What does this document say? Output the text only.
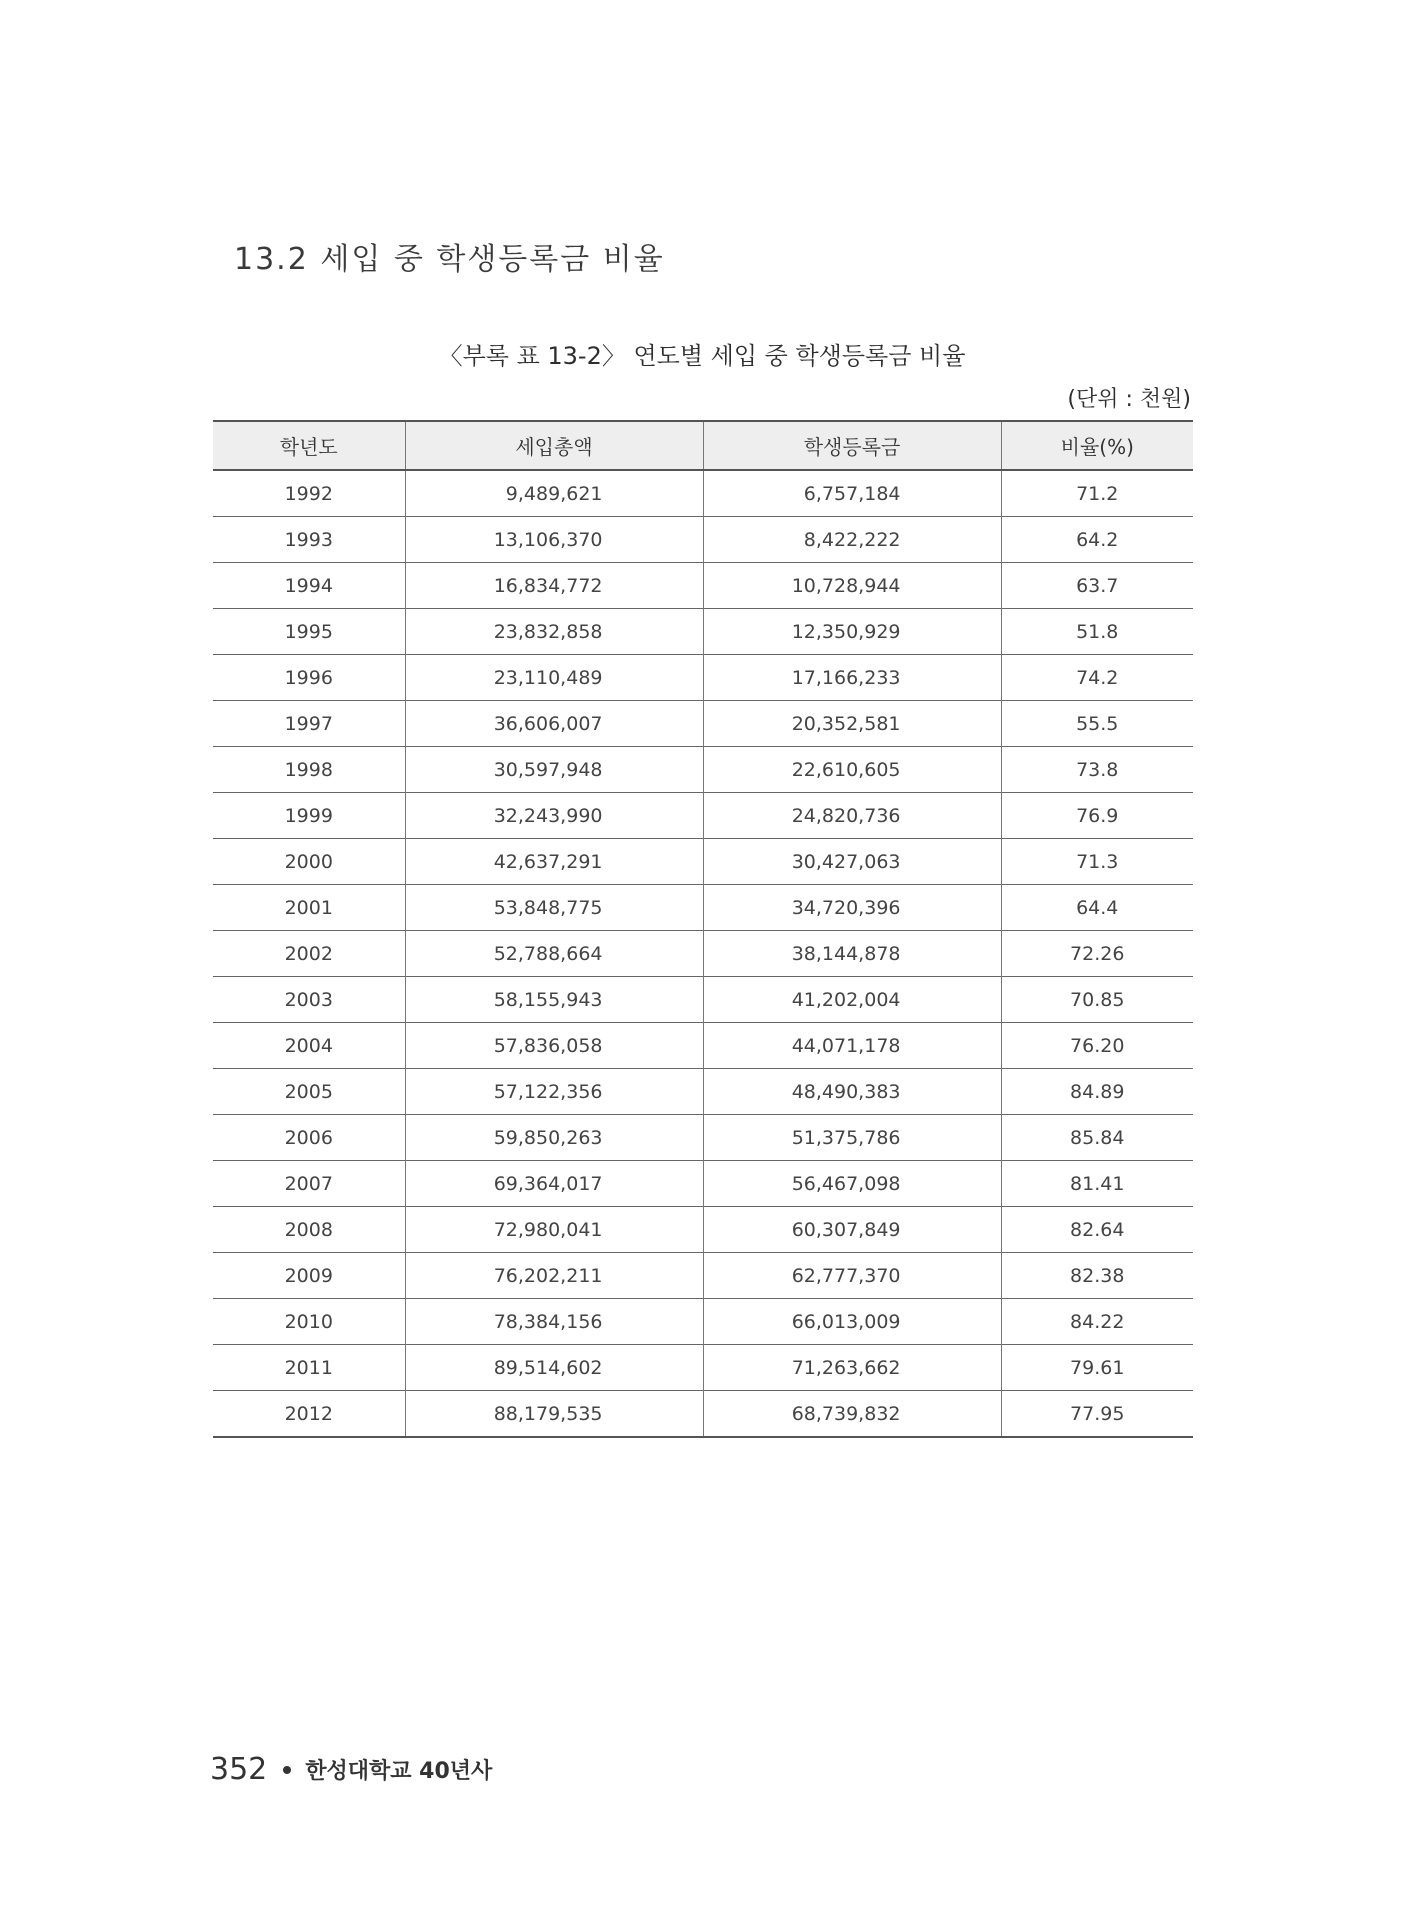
13.2 세입 중 학생등록금 비율
〈부록 표 13-2〉 연도별 세입 중 학생등록금 비율
(단위 : 천원)
학년도	세입총액	학생등록금	비율(%)
1992	9,489,621	6,757,184	71.2
1993	13,106,370	8,422,222	64.2
1994	16,834,772	10,728,944	63.7
1995	23,832,858	12,350,929	51.8
1996	23,110,489	17,166,233	74.2
1997	36,606,007	20,352,581	55.5
1998	30,597,948	22,610,605	73.8
1999	32,243,990	24,820,736	76.9
2000	42,637,291	30,427,063	71.3
2001	53,848,775	34,720,396	64.4
2002	52,788,664	38,144,878	72.26
2003	58,155,943	41,202,004	70.85
2004	57,836,058	44,071,178	76.20
2005	57,122,356	48,490,383	84.89
2006	59,850,263	51,375,786	85.84
2007	69,364,017	56,467,098	81.41
2008	72,980,041	60,307,849	82.64
2009	76,202,211	62,777,370	82.38
2010	78,384,156	66,013,009	84.22
2011	89,514,602	71,263,662	79.61
2012	88,179,535	68,739,832	77.95
352 한성대학교 40년사
